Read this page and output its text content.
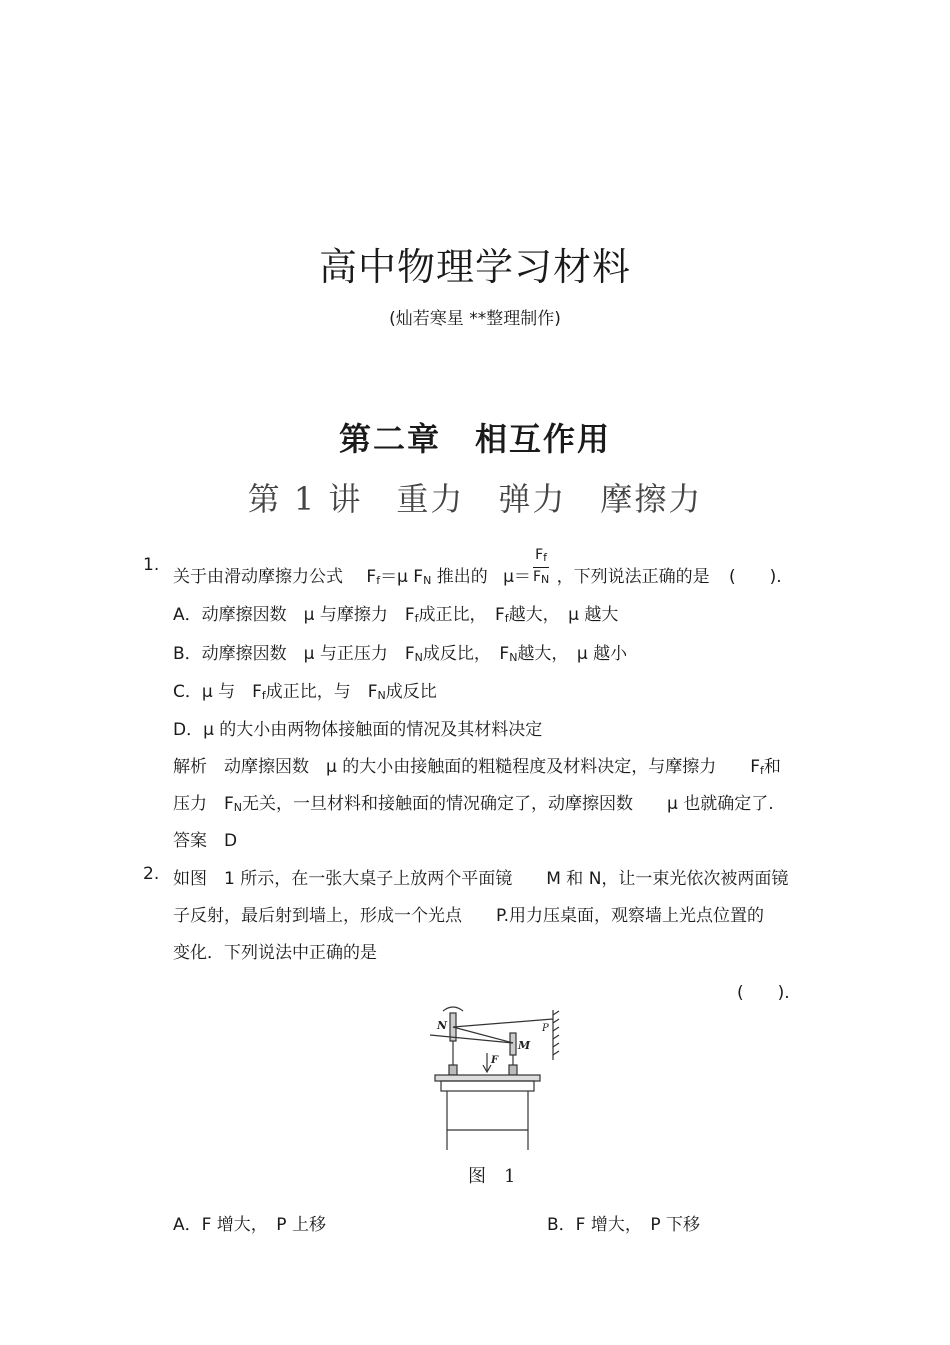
高中物理学习材料
(灿若寒星 **整理制作)
第二章　相互作用
第 1 讲　重力　弹力　摩擦力
1.
关于由滑动摩擦力公式 $F_f=\mu$ $F_N$ 推出的 $\mu= \frac{F_f}{F_N}$ ，下列说法正确的是 (　　).
A．动摩擦因数　μ 与摩擦力　$F_f$成正比，　$F_f$越大，　μ 越大
B．动摩擦因数　μ 与正压力　$F_N$成反比，　$F_N$越大，　μ 越小
C．μ 与　$F_f$成正比，与　$F_N$成反比
D．μ 的大小由两物体接触面的情况及其材料决定
解析　动摩擦因数　μ 的大小由接触面的粗糙程度及材料决定，与摩擦力　　$F_f$和
压力　$F_N$无关，一旦材料和接触面的情况确定了，动摩擦因数　　μ 也就确定了.
答案　D
2. 如图　1 所示，在一张大桌子上放两个平面镜　　M 和 N，让一束光依次被两面镜
子反射，最后射到墙上，形成一个光点　　P.用力压桌面，观察墙上光点位置的
变化．下列说法中正确的是
(　　).
N
M
F
P
图　1
A．F 增大，　P 上移	B．F 增大，　P 下移
